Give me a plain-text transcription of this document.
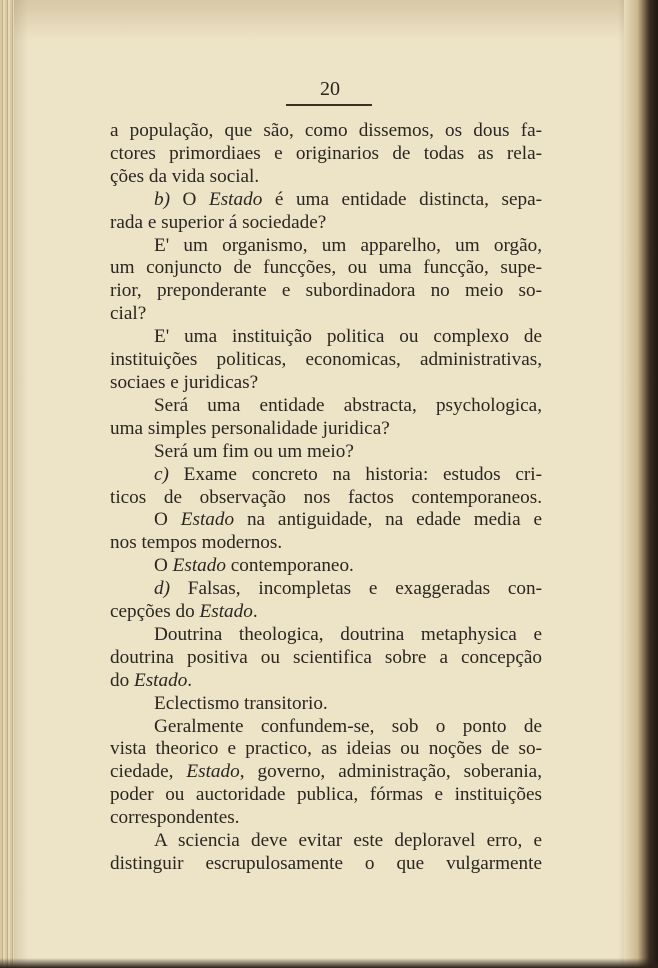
20
a população, que são, como dissemos, os dous fa-
ctores primordiaes e originarios de todas as rela-
ções da vida social.
b) O Estado é uma entidade distincta, sepa-
rada e superior á sociedade?
E' um organismo, um apparelho, um orgão,
um conjuncto de funcções, ou uma funcção, supe-
rior, preponderante e subordinadora no meio so-
cial?
E' uma instituição politica ou complexo de
instituições politicas, economicas, administrativas,
sociaes e juridicas?
Será uma entidade abstracta, psychologica,
uma simples personalidade juridica?
Será um fim ou um meio?
c) Exame concreto na historia: estudos cri-
ticos de observação nos factos contemporaneos.
O Estado na antiguidade, na edade media e
nos tempos modernos.
O Estado contemporaneo.
d) Falsas, incompletas e exaggeradas con-
cepções do Estado.
Doutrina theologica, doutrina metaphysica e
doutrina positiva ou scientifica sobre a concepção
do Estado.
Eclectismo transitorio.
Geralmente confundem-se, sob o ponto de
vista theorico e practico, as ideias ou noções de so-
ciedade, Estado, governo, administração, soberania,
poder ou auctoridade publica, fórmas e instituições
correspondentes.
A sciencia deve evitar este deploravel erro, e
distinguir escrupulosamente o que vulgarmente
